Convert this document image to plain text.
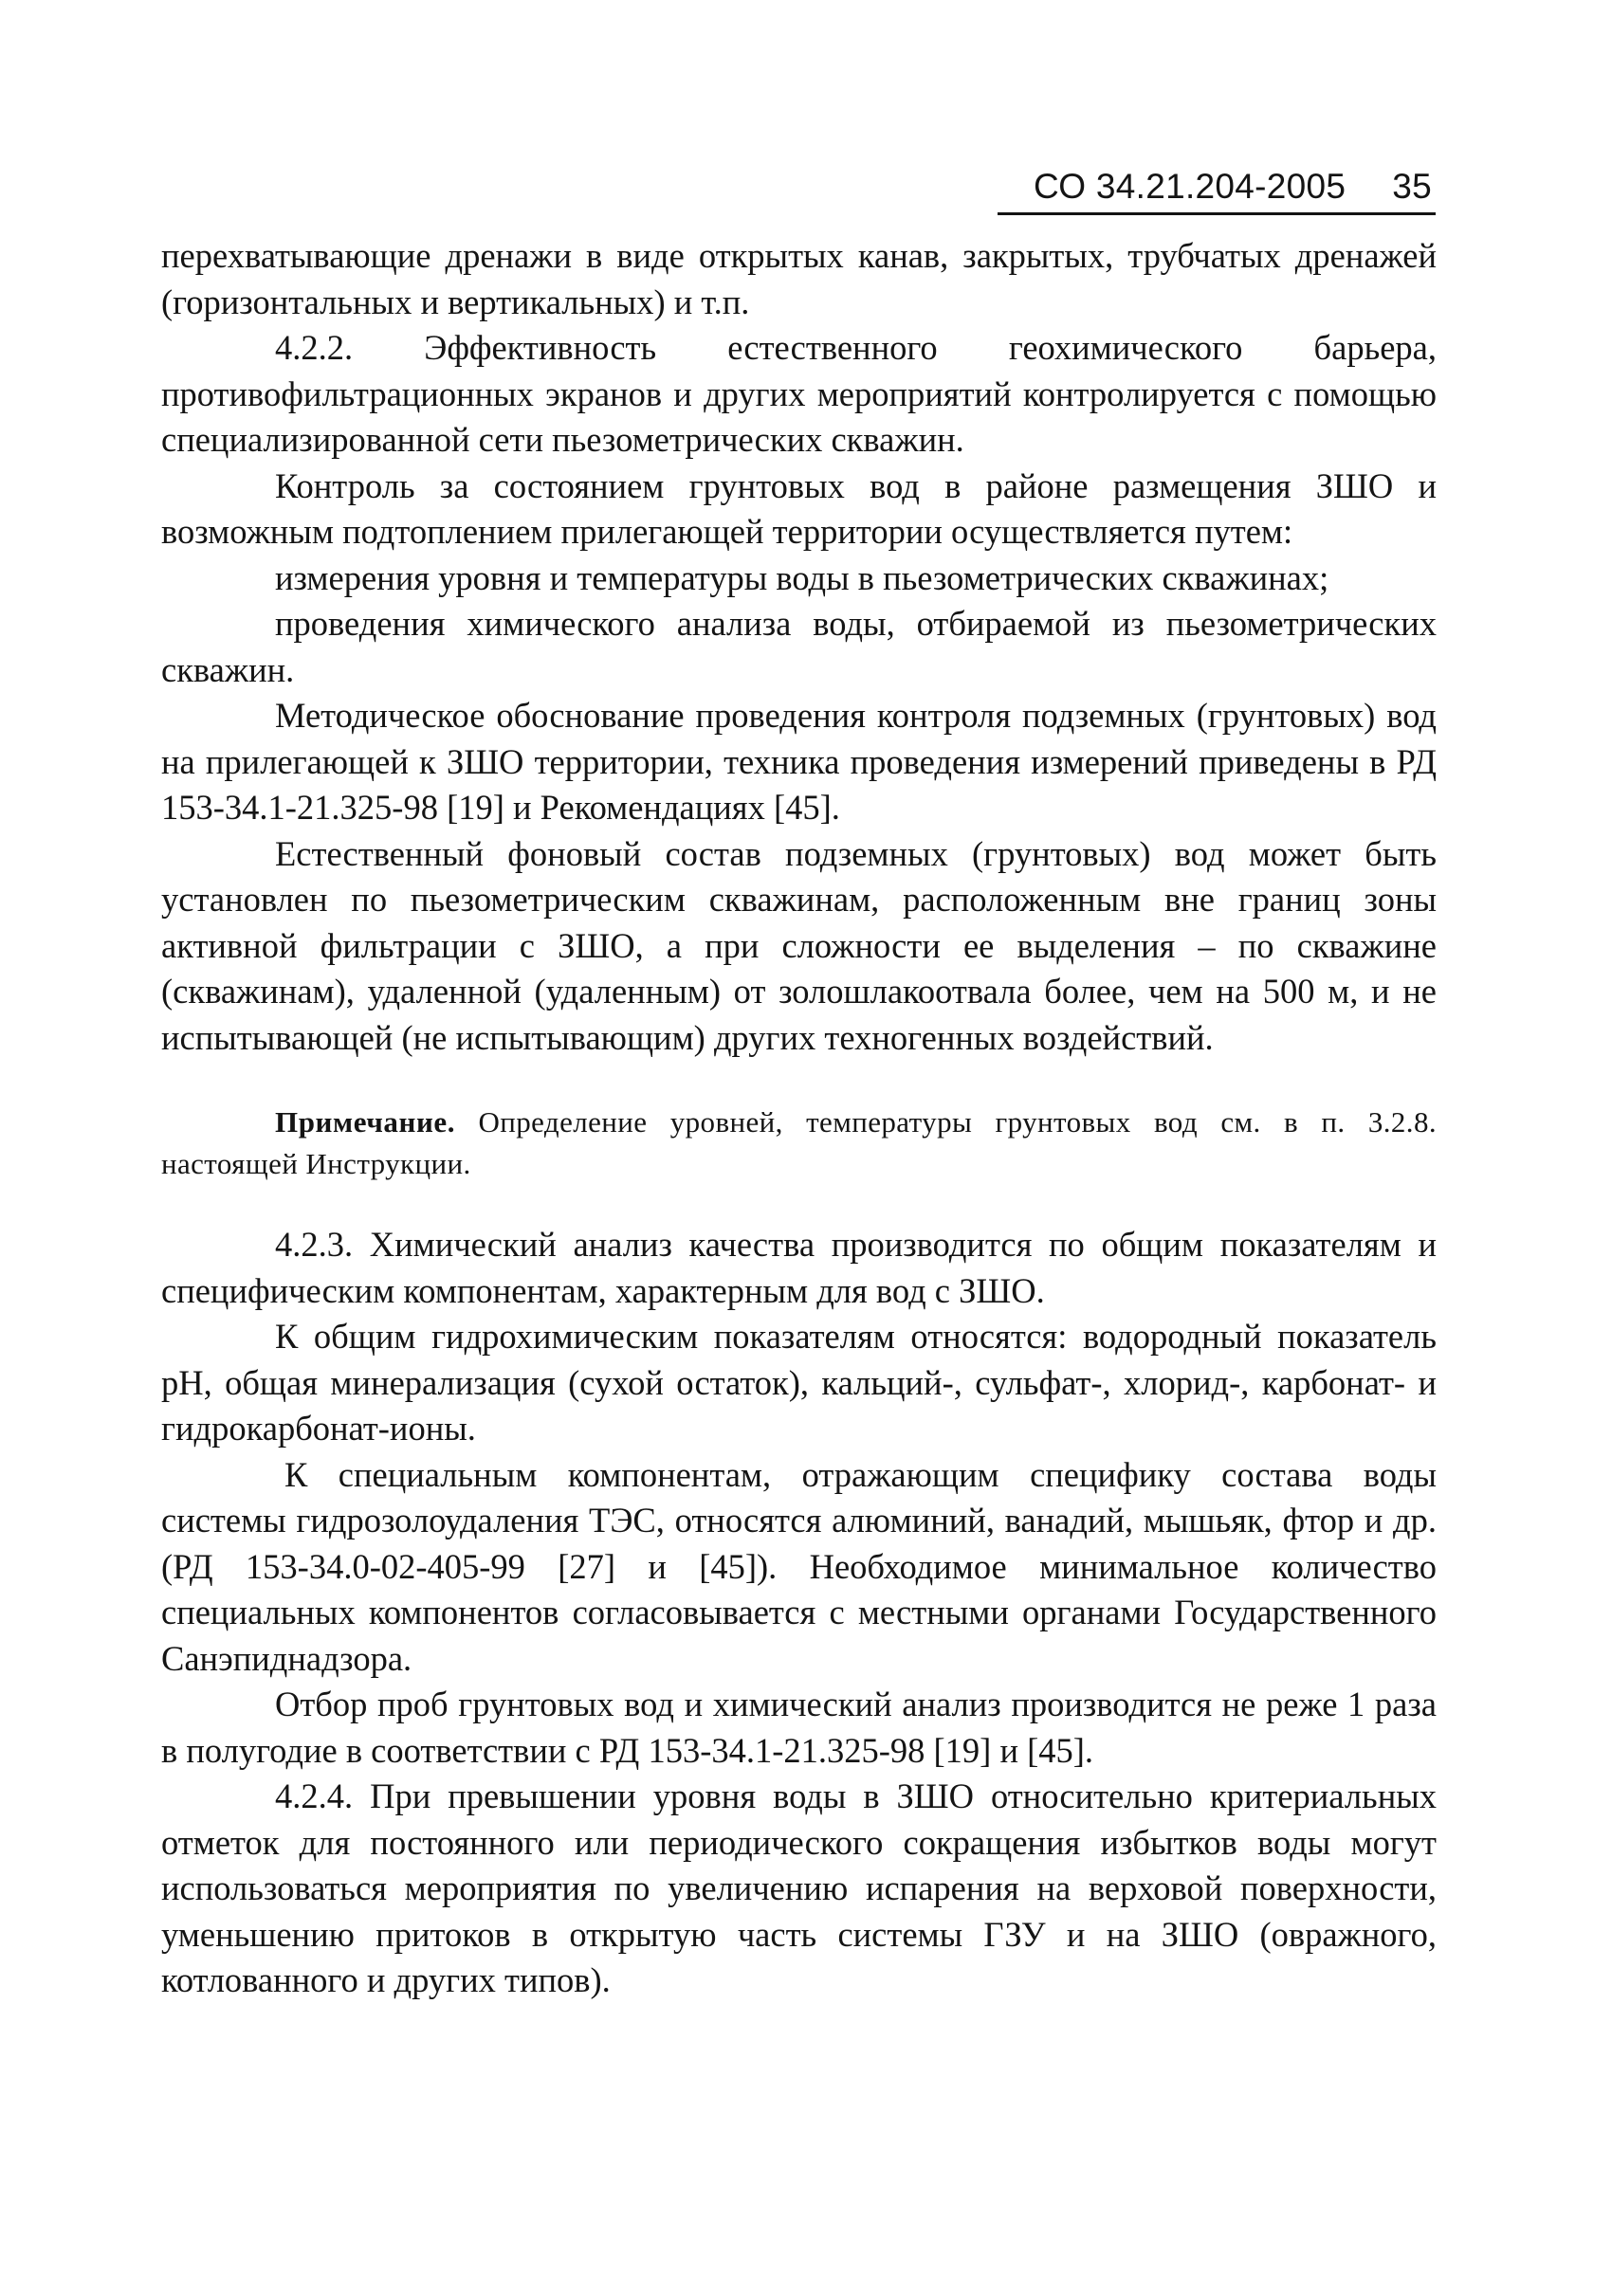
СО 34.21.204-2005 35

перехватывающие дренажи в виде открытых канав, закрытых, трубчатых дренажей (горизонтальных и вертикальных) и т.п.

4.2.2. Эффективность естественного геохимического барьера, противофильтрационных экранов и других мероприятий контролируется с помощью специализированной сети пьезометрических скважин.

Контроль за состоянием грунтовых вод в районе размещения ЗШО и возможным подтоплением прилегающей территории осуществляется путем:

измерения уровня и температуры воды в пьезометрических скважинах;

проведения химического анализа воды, отбираемой из пьезометрических скважин.

Методическое обоснование проведения контроля подземных (грунтовых) вод на прилегающей к ЗШО территории, техника проведения измерений приведены в РД 153-34.1-21.325-98 [19] и Рекомендациях [45].

Естественный фоновый состав подземных (грунтовых) вод может быть установлен по пьезометрическим скважинам, расположенным вне границ зоны активной фильтрации с ЗШО, а при сложности ее выделения – по скважине (скважинам), удаленной (удаленным) от золошлакоотвала более, чем на 500 м, и не испытывающей (не испытывающим) других техногенных воздействий.

Примечание. Определение уровней, температуры грунтовых вод см. в п. 3.2.8. настоящей Инструкции.

4.2.3. Химический анализ качества производится по общим показателям и специфическим компонентам, характерным для вод с ЗШО.

К общим гидрохимическим показателям относятся: водородный показатель pH, общая минерализация (сухой остаток), кальций-, сульфат-, хлорид-, карбонат- и гидрокарбонат-ионы.

К специальным компонентам, отражающим специфику состава воды системы гидрозолоудаления ТЭС, относятся алюминий, ванадий, мышьяк, фтор и др. (РД 153-34.0-02-405-99 [27] и [45]). Необходимое минимальное количество специальных компонентов согласовывается с местными органами Государственного Санэпиднадзора.

Отбор проб грунтовых вод и химический анализ производится не реже 1 раза в полугодие в соответствии с РД 153-34.1-21.325-98 [19] и [45].

4.2.4. При превышении уровня воды в ЗШО относительно критериальных отметок для постоянного или периодического сокращения избытков воды могут использоваться мероприятия по увеличению испарения на верховой поверхности, уменьшению притоков в открытую часть системы ГЗУ и на ЗШО (овражного, котлованного и других типов).
